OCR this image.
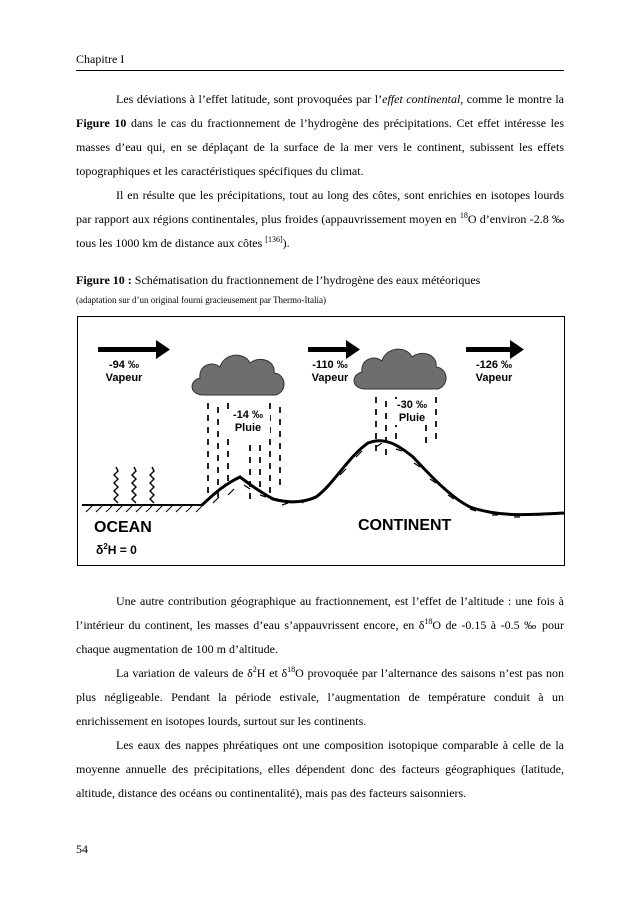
Chapitre I

Les déviations à l’effet latitude, sont provoquées par l’effet continental, comme le montre la Figure 10 dans le cas du fractionnement de l’hydrogène des précipitations. Cet effet intéresse les masses d’eau qui, en se déplaçant de la surface de la mer vers le continent, subissent les effets topographiques et les caractéristiques spécifiques du climat.

Il en résulte que les précipitations, tout au long des côtes, sont enrichies en isotopes lourds par rapport aux régions continentales, plus froides (appauvrissement moyen en $^{18}$O d’environ -2.8 ‰ tous les 1000 km de distance aux côtes [136]).

Figure 10 : Schématisation du fractionnement de l’hydrogène des eaux météoriques
(adaptation sur d’un original fourni gracieusement par Thermo-Italia)
-94 ‰
Vapeur
-110 ‰
Vapeur
-126 ‰
Vapeur
-14 ‰
Pluie
-30 ‰
Pluie
OCEAN	CONTINENT
$\delta^2H = 0$

Une autre contribution géographique au fractionnement, est l’effet de l’altitude : une fois à l’intérieur du continent, les masses d’eau s’appauvrissent encore, en $\delta^{18}O$ de -0.15 à -0.5 ‰ pour chaque augmentation de 100 m d’altitude.

La variation de valeurs de $\delta^2H$ et $\delta^{18}O$ provoquée par l’alternance des saisons n’est pas non plus négligeable. Pendant la période estivale, l’augmentation de température conduit à un enrichissement en isotopes lourds, surtout sur les continents.

Les eaux des nappes phréatiques ont une composition isotopique comparable à celle de la moyenne annuelle des précipitations, elles dépendent donc des facteurs géographiques (latitude, altitude, distance des océans ou continentalité), mais pas des facteurs saisonniers.

54
